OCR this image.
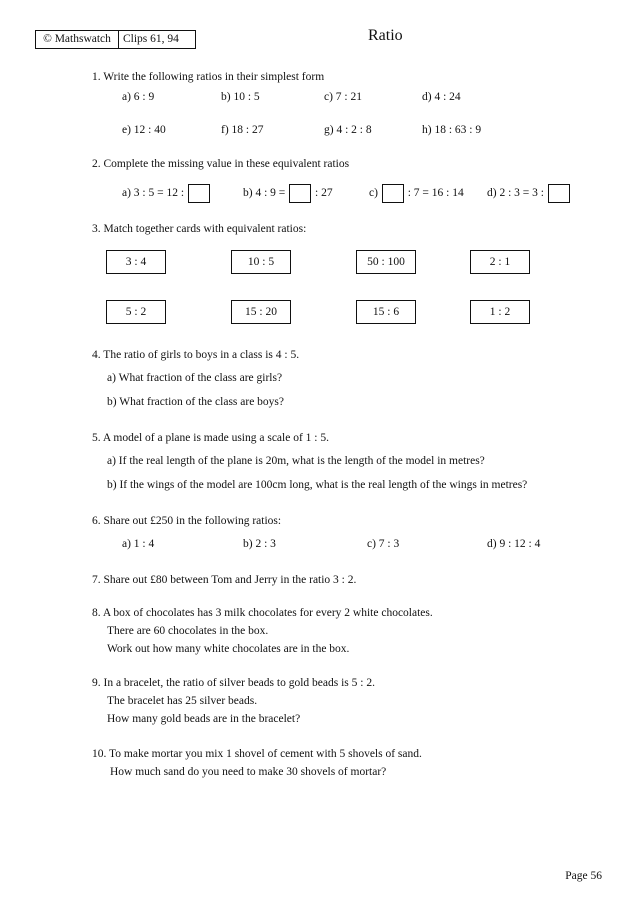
© Mathswatch	Clips 61, 94	Ratio
1. Write the following ratios in their simplest form
a) 6 : 9	b) 10 : 5	c) 7 : 21	d) 4 : 24
e) 12 : 40	f) 18 : 27	g) 4 : 2 : 8	h) 18 : 63 : 9
2. Complete the missing value in these equivalent ratios
a) 3 : 5 = 12 :	b) 4 : 9 =	: 27	c)	: 7 = 16 : 14 d) 2 : 3 = 3 :
3. Match together cards with equivalent ratios:
3 : 4	10 : 5	50 : 100	2 : 1
5 : 2	15 : 20	15 : 6	1 : 2
4. The ratio of girls to boys in a class is 4 : 5.
a) What fraction of the class are girls?
b) What fraction of the class are boys?
5. A model of a plane is made using a scale of 1 : 5.
a) If the real length of the plane is 20m, what is the length of the model in metres?
b) If the wings of the model are 100cm long, what is the real length of the wings in metres?
6. Share out £250 in the following ratios:
a) 1 : 4	b) 2 : 3	c) 7 : 3	d) 9 : 12 : 4
7. Share out £80 between Tom and Jerry in the ratio 3 : 2.
8. A box of chocolates has 3 milk chocolates for every 2 white chocolates.
There are 60 chocolates in the box.
Work out how many white chocolates are in the box.
9. In a bracelet, the ratio of silver beads to gold beads is 5 : 2.
The bracelet has 25 silver beads.
How many gold beads are in the bracelet?
10. To make mortar you mix 1 shovel of cement with 5 shovels of sand.
How much sand do you need to make 30 shovels of mortar?
Page 56
